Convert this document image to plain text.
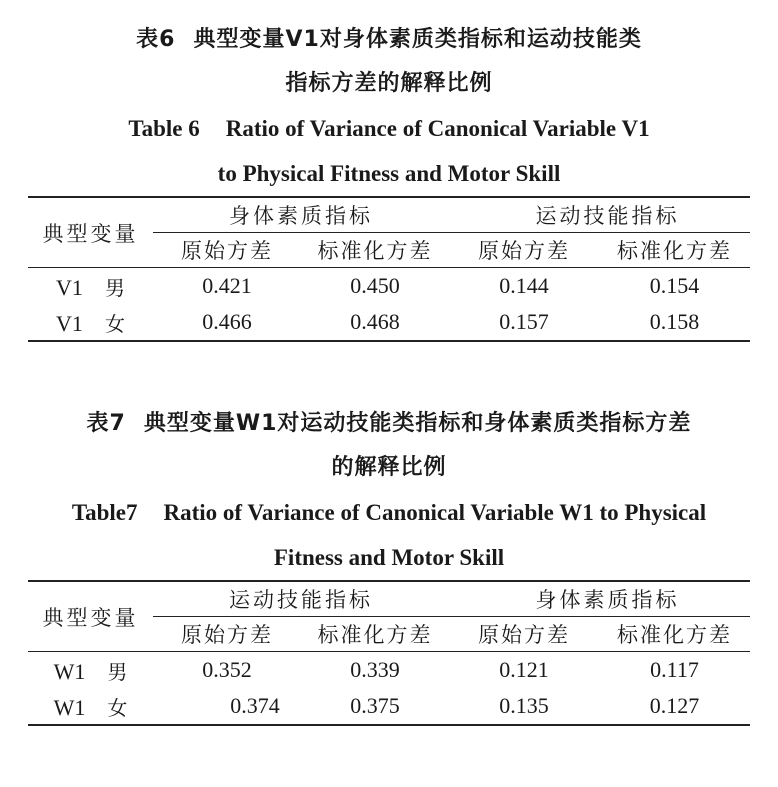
表6 典型变量V1对身体素质类指标和运动技能类
指标方差的解释比例
Table 6 Ratio of Variance of Canonical Variable V1
to Physical Fitness and Motor Skill
典型变量	身体素质指标		运动技能指标	
	原始方差	标准化方差	原始方差	标准化方差
V1 男	0.421	0.450	0.144	0.154
V1 女	0.466	0.468	0.157	0.158
表7 典型变量W1对运动技能类指标和身体素质类指标方差
的解释比例
Table7 Ratio of Variance of Canonical Variable W1 to Physical
Fitness and Motor Skill
典型变量	运动技能指标		身体素质指标	
	原始方差	标准化方差	原始方差	标准化方差
W1 男	0.352	0.339	0.121	0.117
W1 女	0.374	0.375	0.135	0.127
